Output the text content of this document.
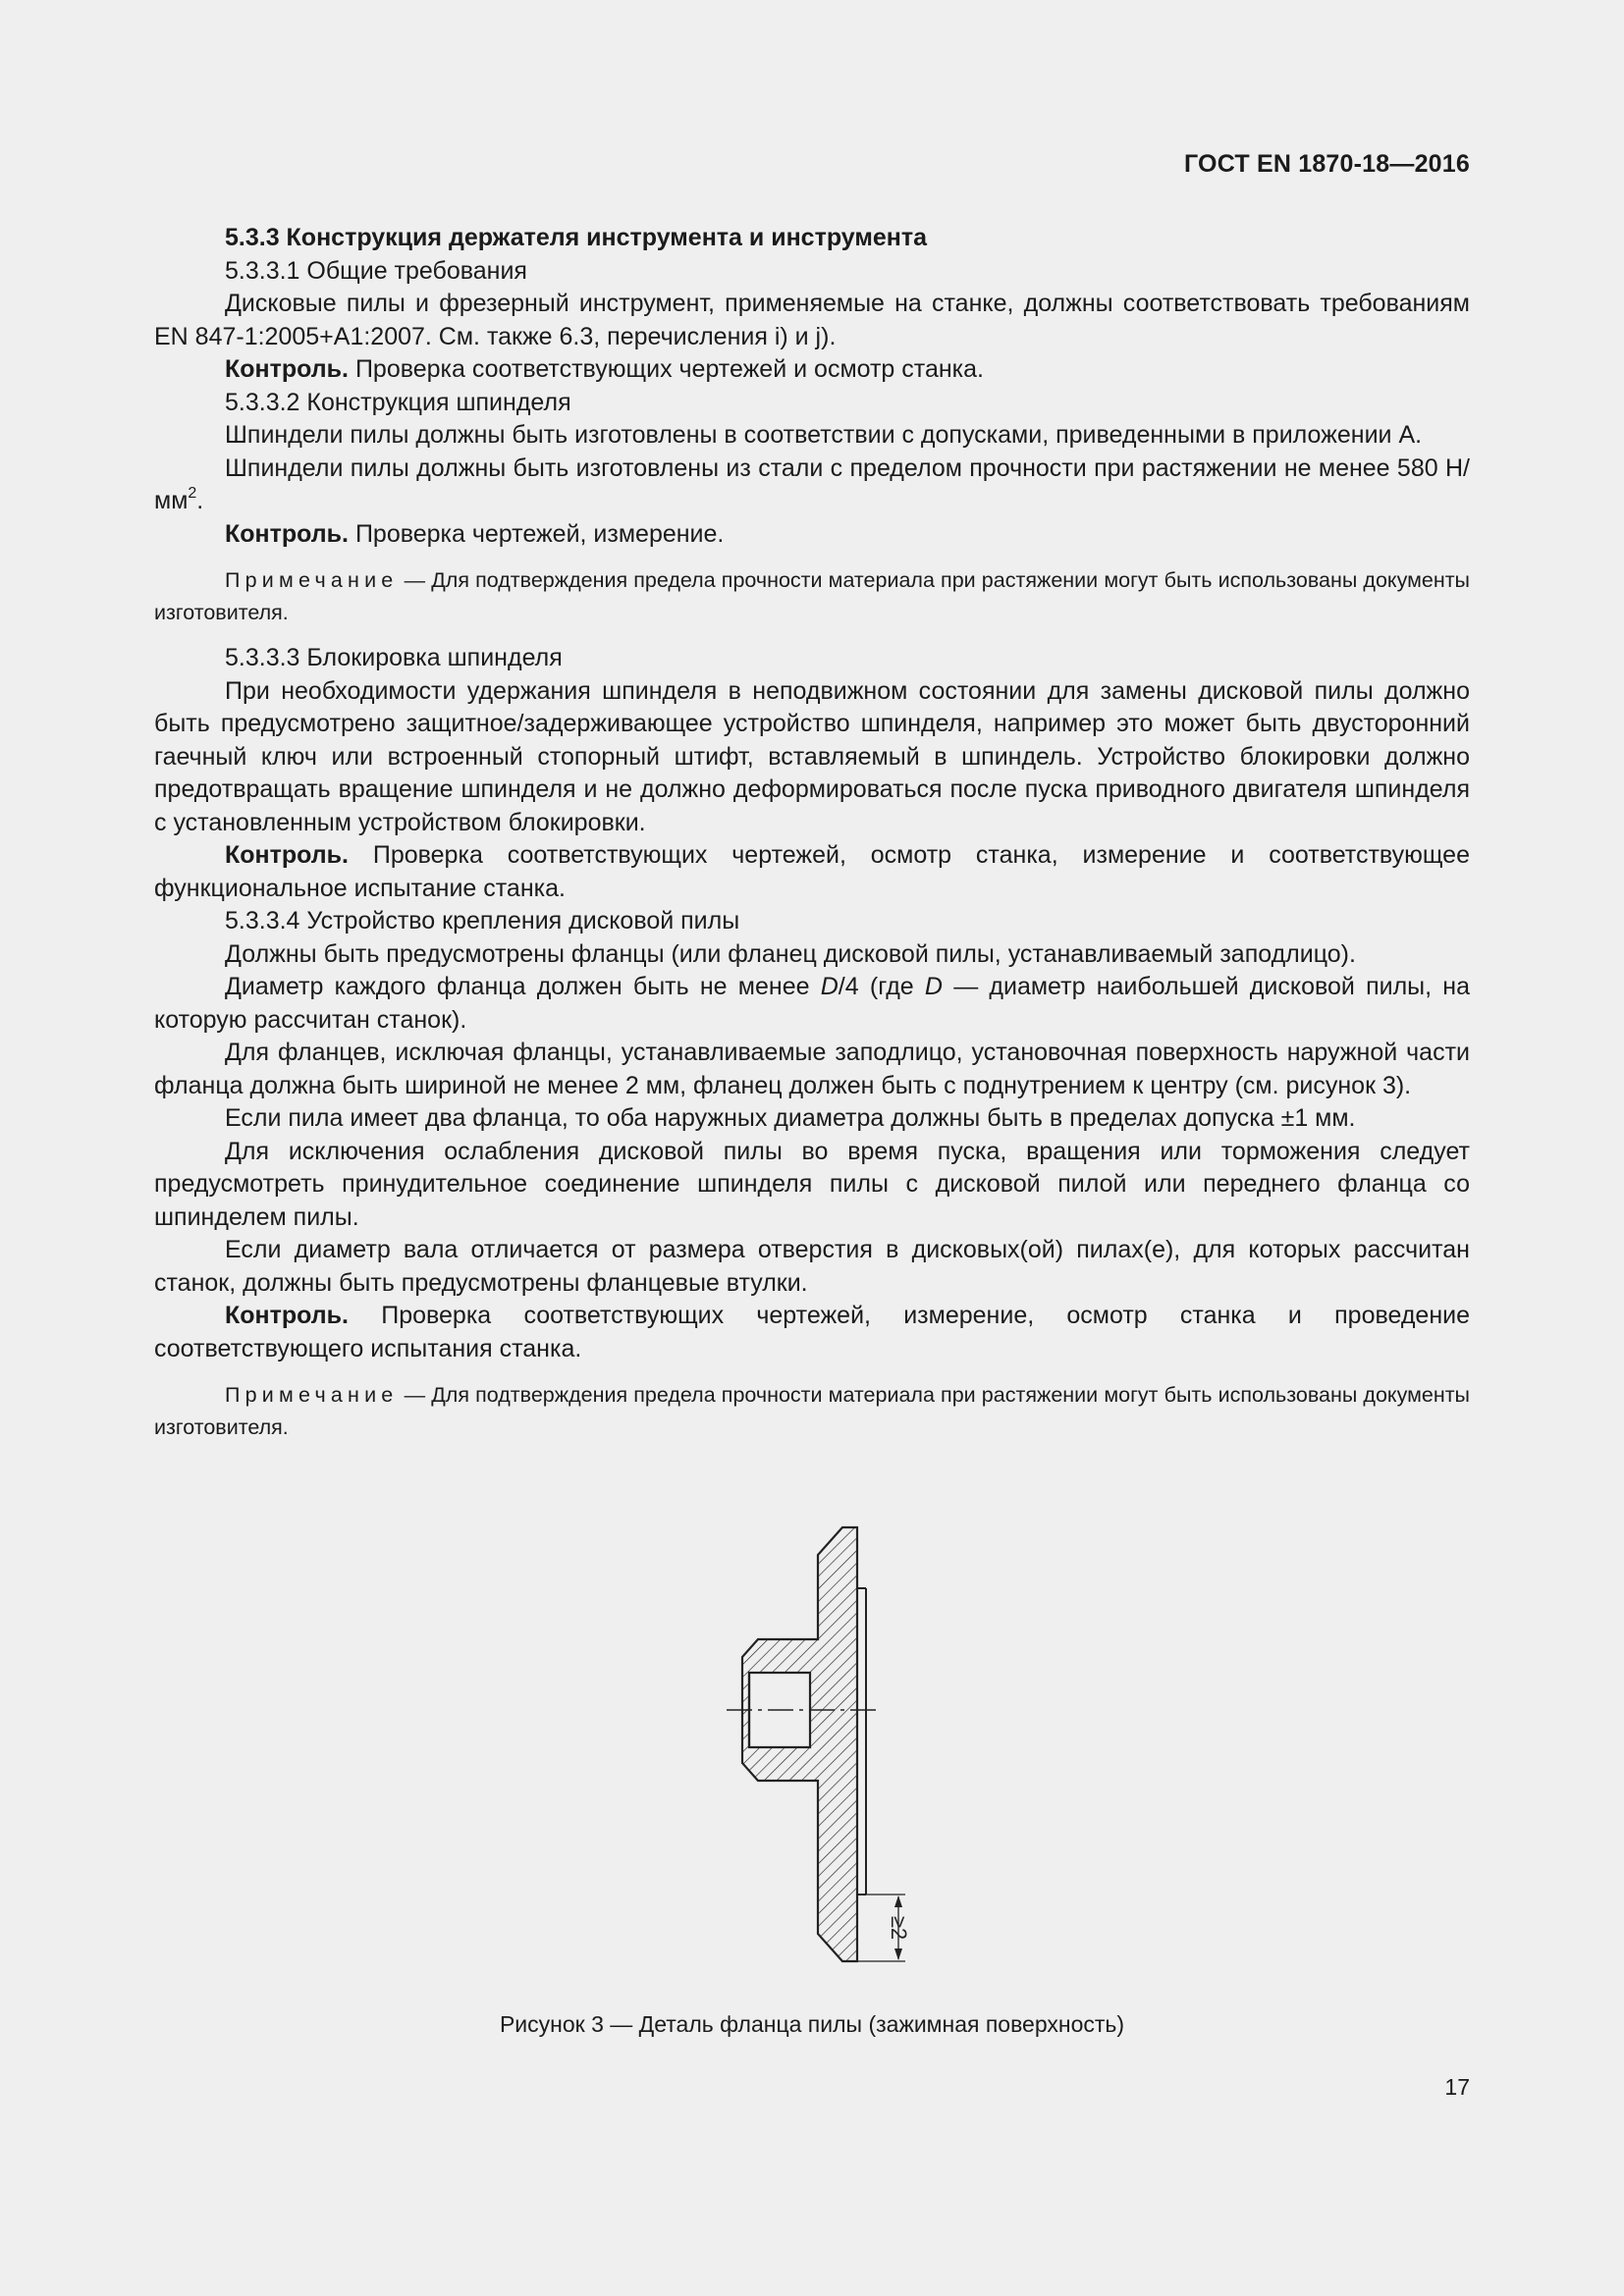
ГОСТ EN 1870-18—2016

5.3.3 Конструкция держателя инструмента и инструмента

5.3.3.1 Общие требования

Дисковые пилы и фрезерный инструмент, применяемые на станке, должны соответствовать требованиям EN 847-1:2005+A1:2007. См. также 6.3, перечисления i) и j).

Контроль. Проверка соответствующих чертежей и осмотр станка.

5.3.3.2 Конструкция шпинделя

Шпиндели пилы должны быть изготовлены в соответствии с допусками, приведенными в приложении А.

Шпиндели пилы должны быть изготовлены из стали с пределом прочности при растяжении не менее 580 $Н/мм^2$.

Контроль. Проверка чертежей, измерение.

Примечание — Для подтверждения предела прочности материала при растяжении могут быть использованы документы изготовителя.

5.3.3.3 Блокировка шпинделя

При необходимости удержания шпинделя в неподвижном состоянии для замены дисковой пилы должно быть предусмотрено защитное/задерживающее устройство шпинделя, например это может быть двусторонний гаечный ключ или встроенный стопорный штифт, вставляемый в шпиндель. Устройство блокировки должно предотвращать вращение шпинделя и не должно деформироваться после пуска приводного двигателя шпинделя с установленным устройством блокировки.

Контроль. Проверка соответствующих чертежей, осмотр станка, измерение и соответствующее функциональное испытание станка.

5.3.3.4 Устройство крепления дисковой пилы

Должны быть предусмотрены фланцы (или фланец дисковой пилы, устанавливаемый заподлицо).

Диаметр каждого фланца должен быть не менее D/4 (где D — диаметр наибольшей дисковой пилы, на которую рассчитан станок).

Для фланцев, исключая фланцы, устанавливаемые заподлицо, установочная поверхность наружной части фланца должна быть шириной не менее 2 мм, фланец должен быть с поднутрением к центру (см. рисунок 3).

Если пила имеет два фланца, то оба наружных диаметра должны быть в пределах допуска ±1 мм.

Для исключения ослабления дисковой пилы во время пуска, вращения или торможения следует предусмотреть принудительное соединение шпинделя пилы с дисковой пилой или переднего фланца со шпинделем пилы.

Если диаметр вала отличается от размера отверстия в дисковых(ой) пилах(е), для которых рассчитан станок, должны быть предусмотрены фланцевые втулки.

Контроль. Проверка соответствующих чертежей, измерение, осмотр станка и проведение соответствующего испытания станка.

Примечание — Для подтверждения предела прочности материала при растяжении могут быть использованы документы изготовителя.

≥2
Рисунок 3 — Деталь фланца пилы (зажимная поверхность)
17
